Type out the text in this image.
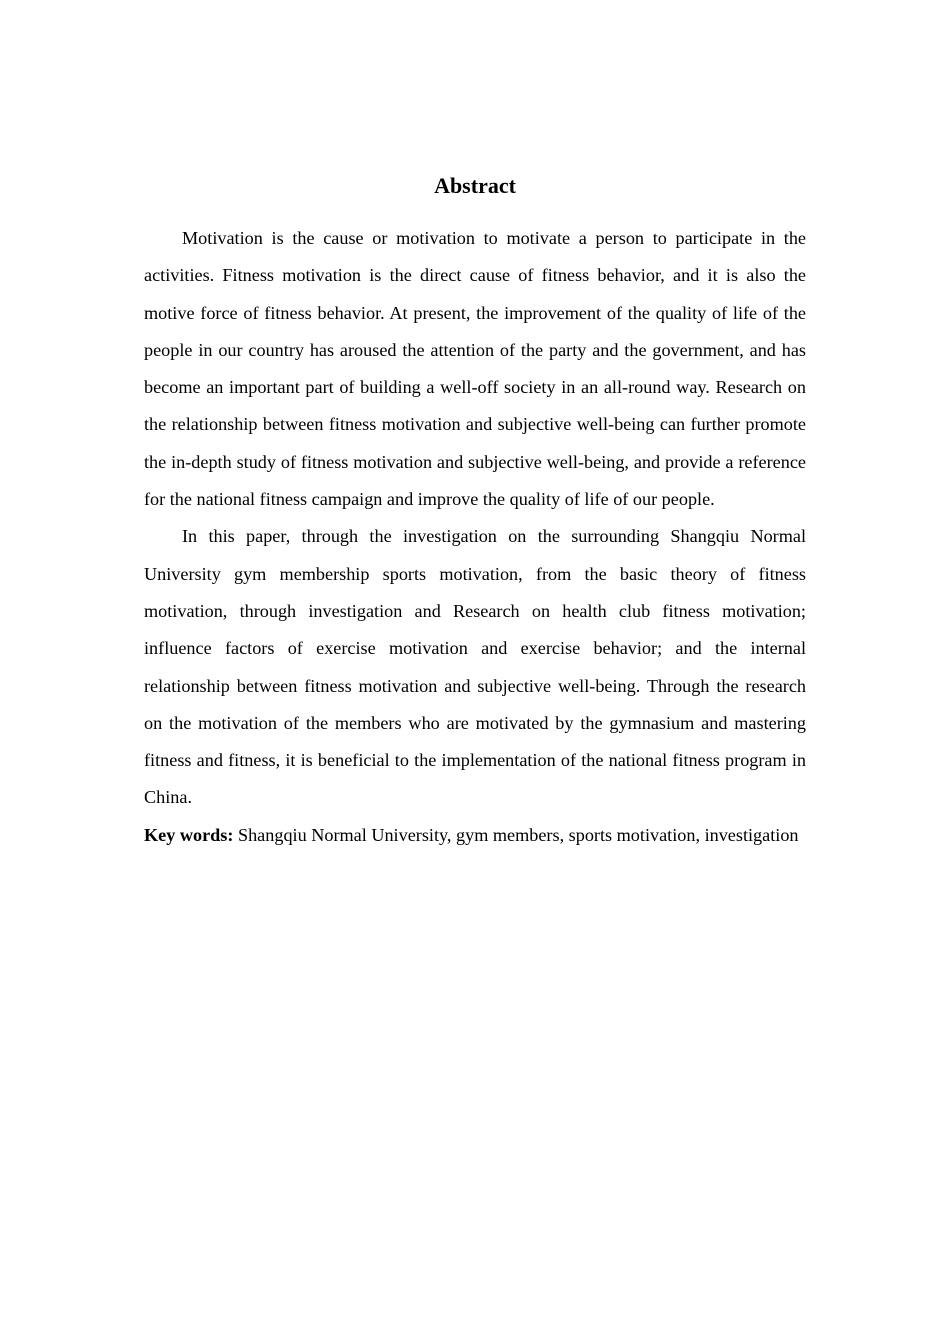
Abstract

Motivation is the cause or motivation to motivate a person to participate in the activities. Fitness motivation is the direct cause of fitness behavior, and it is also the motive force of fitness behavior. At present, the improvement of the quality of life of the people in our country has aroused the attention of the party and the government, and has become an important part of building a well-off society in an all-round way. Research on the relationship between fitness motivation and subjective well-being can further promote the in-depth study of fitness motivation and subjective well-being, and provide a reference for the national fitness campaign and improve the quality of life of our people.

In this paper, through the investigation on the surrounding Shangqiu Normal University gym membership sports motivation, from the basic theory of fitness motivation, through investigation and Research on health club fitness motivation; influence factors of exercise motivation and exercise behavior; and the internal relationship between fitness motivation and subjective well-being. Through the research on the motivation of the members who are motivated by the gymnasium and mastering fitness and fitness, it is beneficial to the implementation of the national fitness program in China.

Key words: Shangqiu Normal University, gym members, sports motivation, investigation
